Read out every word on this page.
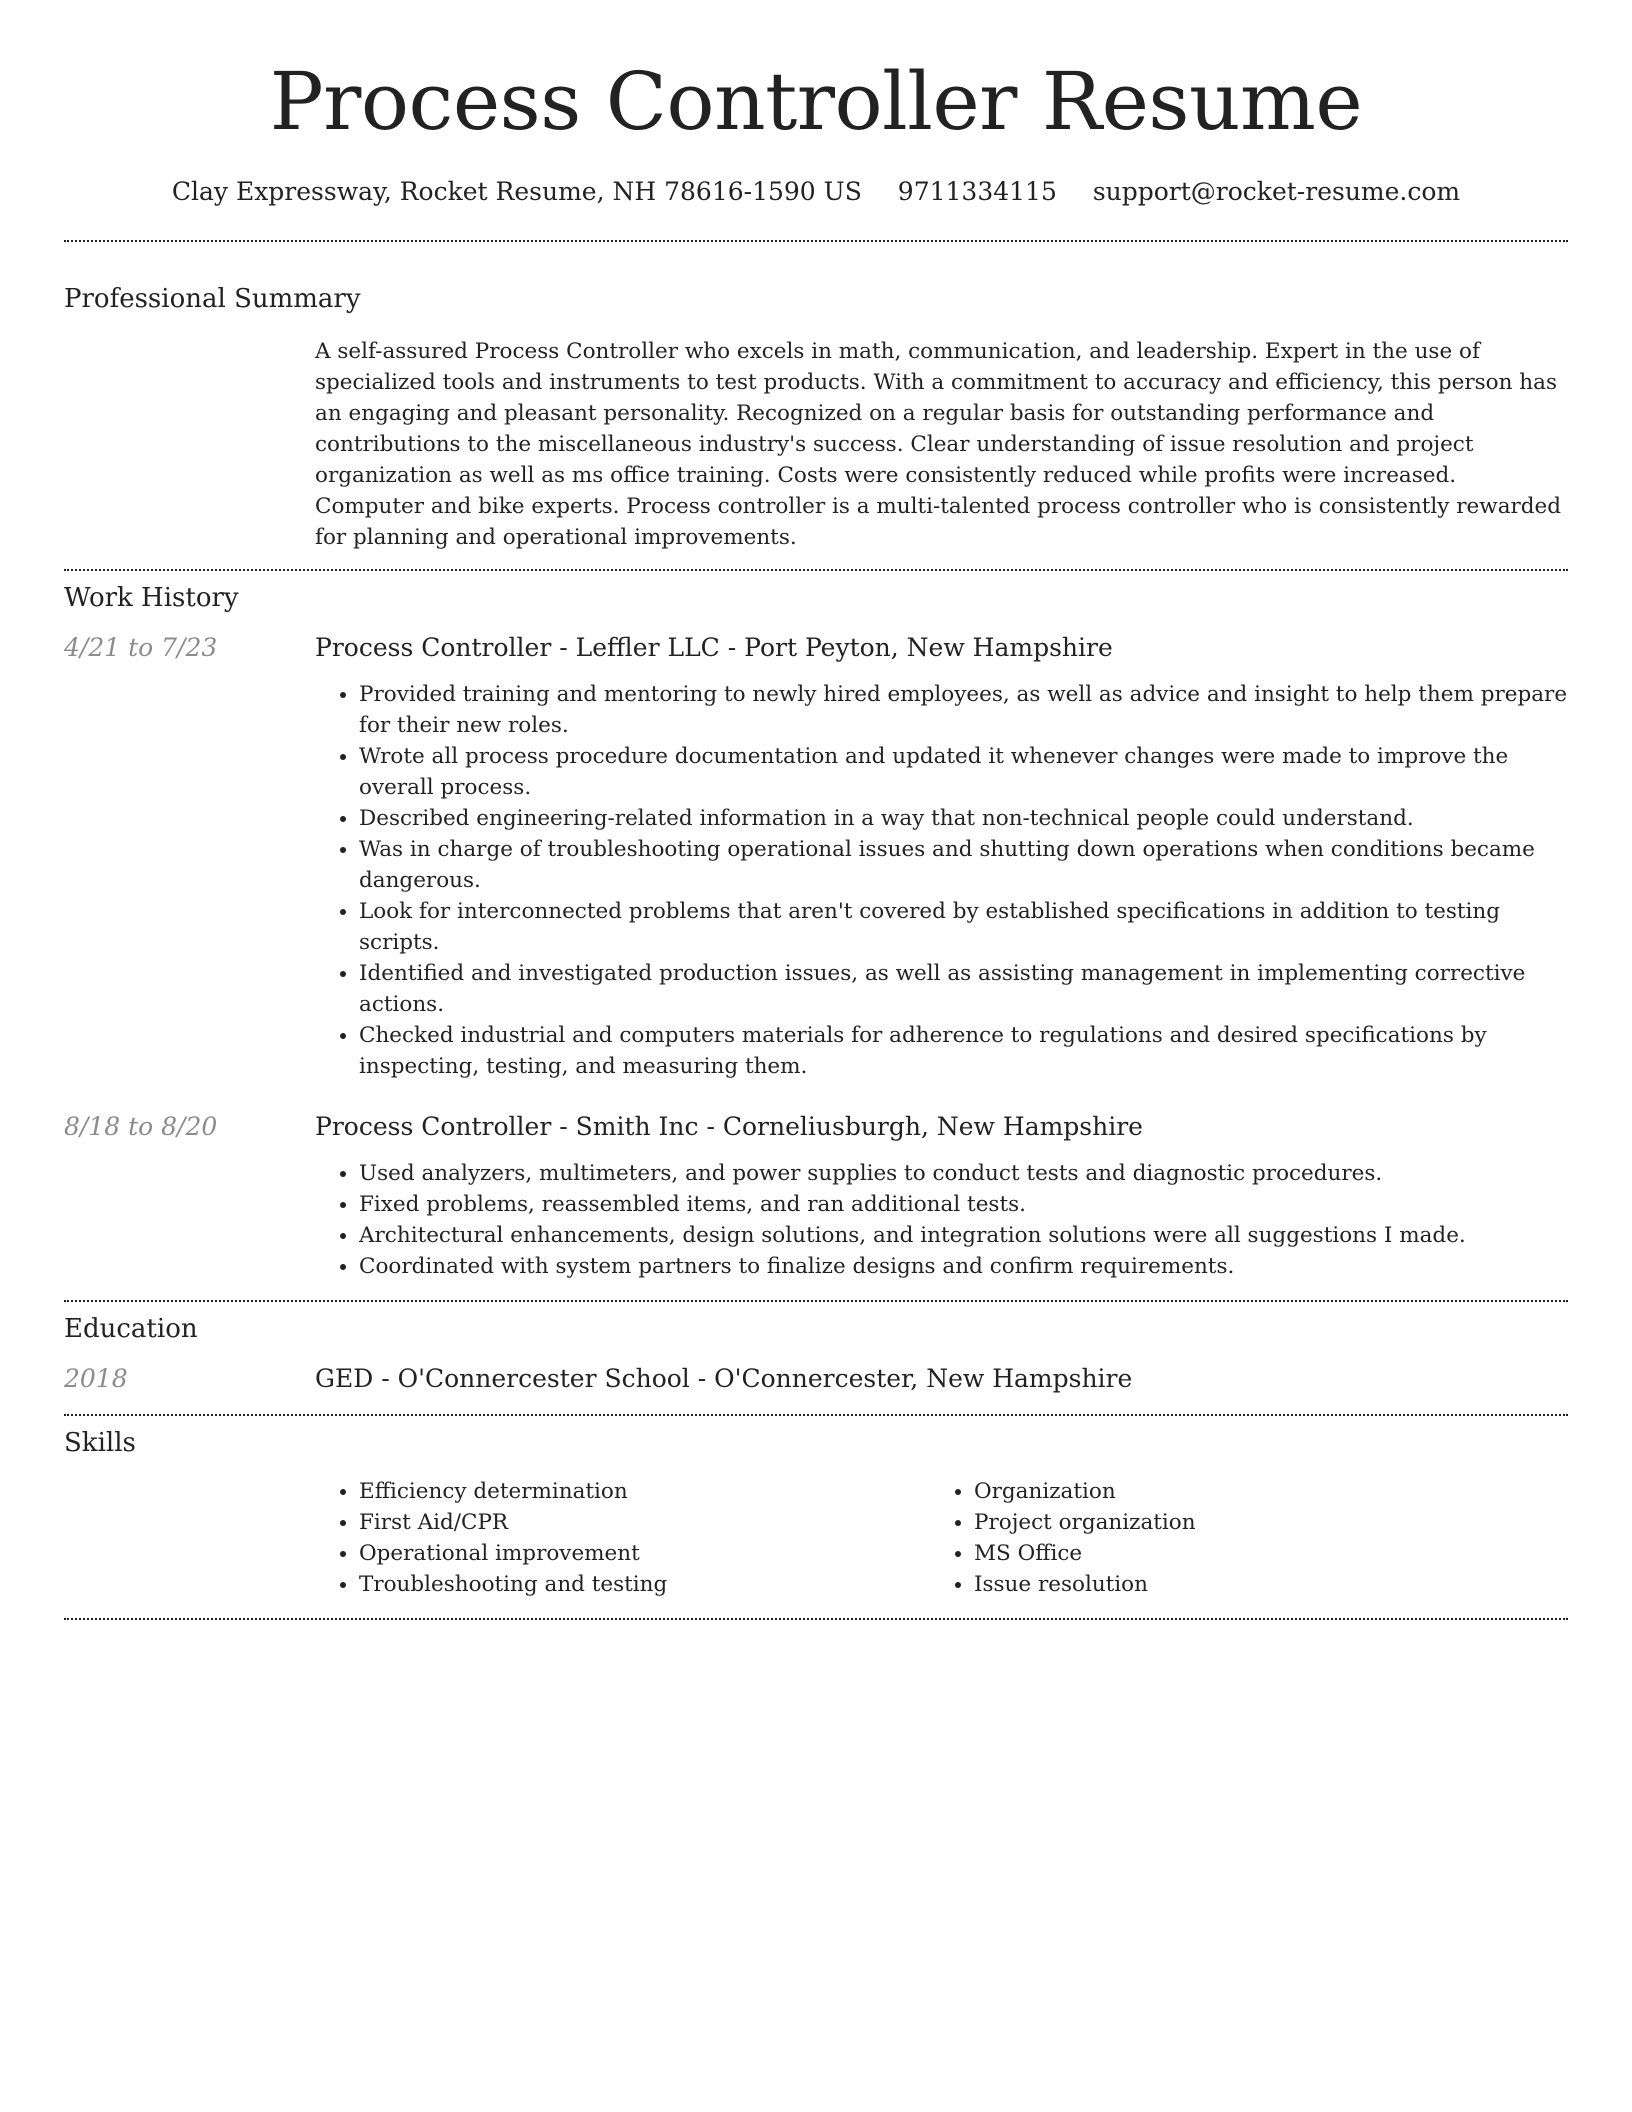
Process Controller Resume
Clay Expressway, Rocket Resume, NH 78616-1590 US 9711334115 support@rocket-resume.com
Professional Summary
A self-assured Process Controller who excels in math, communication, and leadership. Expert in the use of specialized tools and instruments to test products. With a commitment to accuracy and efficiency, this person has an engaging and pleasant personality. Recognized on a regular basis for outstanding performance and contributions to the miscellaneous industry's success. Clear understanding of issue resolution and project organization as well as ms office training. Costs were consistently reduced while profits were increased. Computer and bike experts. Process controller is a multi-talented process controller who is consistently rewarded for planning and operational improvements.
Work History
4/21 to 7/23	Process Controller - Leffler LLC - Port Peyton, New Hampshire
• Provided training and mentoring to newly hired employees, as well as advice and insight to help them prepare for their new roles.
• Wrote all process procedure documentation and updated it whenever changes were made to improve the overall process.
• Described engineering-related information in a way that non-technical people could understand.
• Was in charge of troubleshooting operational issues and shutting down operations when conditions became dangerous.
• Look for interconnected problems that aren't covered by established specifications in addition to testing scripts.
• Identified and investigated production issues, as well as assisting management in implementing corrective actions.
• Checked industrial and computers materials for adherence to regulations and desired specifications by inspecting, testing, and measuring them.
8/18 to 8/20	Process Controller - Smith Inc - Corneliusburgh, New Hampshire
• Used analyzers, multimeters, and power supplies to conduct tests and diagnostic procedures.
• Fixed problems, reassembled items, and ran additional tests.
• Architectural enhancements, design solutions, and integration solutions were all suggestions I made.
• Coordinated with system partners to finalize designs and confirm requirements.
Education
2018	GED - O'Connercester School - O'Connercester, New Hampshire
Skills
• Efficiency determination
• First Aid/CPR
• Operational improvement
• Troubleshooting and testing
• Organization
• Project organization
• MS Office
• Issue resolution
